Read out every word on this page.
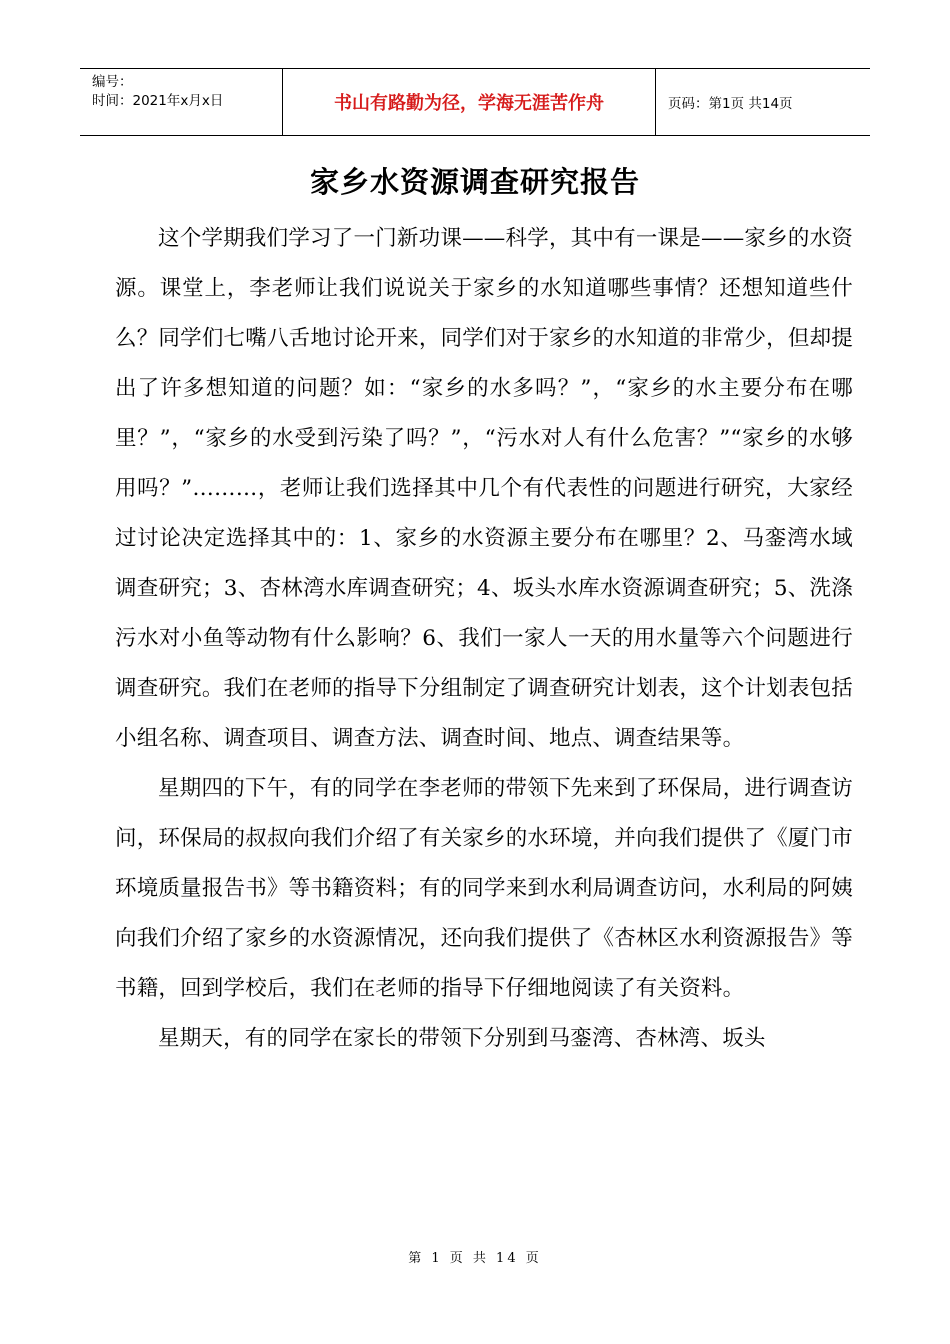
编号：
时间：2021年x月x日	书山有路勤为径，学海无涯苦作舟	页码：第1页 共14页
家乡水资源调查研究报告

这个学期我们学习了一门新功课——科学，其中有一课是——家乡的水资源。课堂上，李老师让我们说说关于家乡的水知道哪些事情？还想知道些什么？同学们七嘴八舌地讨论开来，同学们对于家乡的水知道的非常少，但却提出了许多想知道的问题？如：“家乡的水多吗？”，“家乡的水主要分布在哪里？”，“家乡的水受到污染了吗？”，“污水对人有什么危害？”“家乡的水够用吗？”………，老师让我们选择其中几个有代表性的问题进行研究，大家经过讨论决定选择其中的：1、家乡的水资源主要分布在哪里？2、马銮湾水域调查研究；3、杏林湾水库调查研究；4、坂头水库水资源调查研究；5、洗涤污水对小鱼等动物有什么影响？6、我们一家人一天的用水量等六个问题进行调查研究。我们在老师的指导下分组制定了调查研究计划表，这个计划表包括小组名称、调查项目、调查方法、调查时间、地点、调查结果等。

星期四的下午，有的同学在李老师的带领下先来到了环保局，进行调查访问，环保局的叔叔向我们介绍了有关家乡的水环境，并向我们提供了《厦门市环境质量报告书》等书籍资料；有的同学来到水利局调查访问，水利局的阿姨向我们介绍了家乡的水资源情况，还向我们提供了《杏林区水利资源报告》等书籍，回到学校后，我们在老师的指导下仔细地阅读了有关资料。

星期天，有的同学在家长的带领下分别到马銮湾、杏林湾、坂头

第 1 页 共 14 页
